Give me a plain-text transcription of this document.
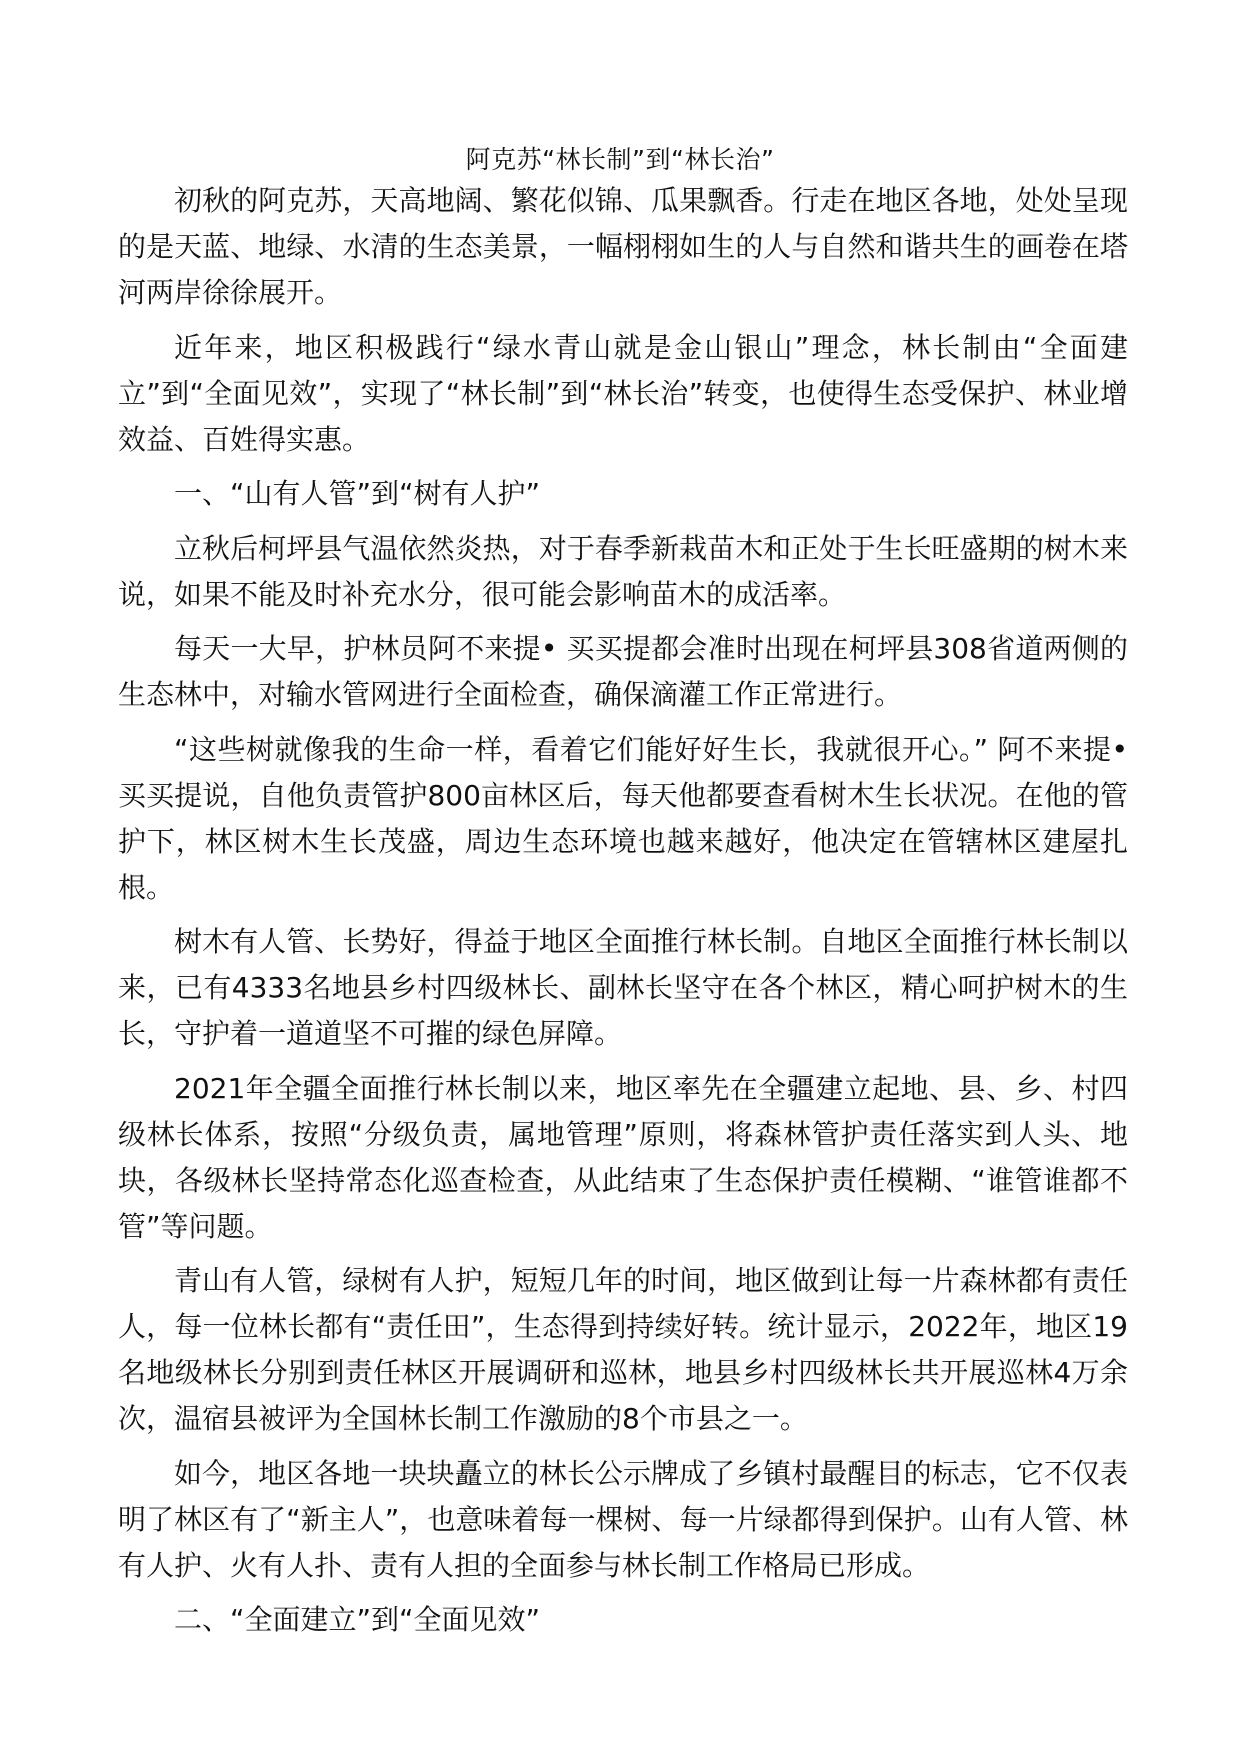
阿克苏“林长制”到“林长治”

初秋的阿克苏，天高地阔、繁花似锦、瓜果飘香。行走在地区各地，处处呈现的是天蓝、地绿、水清的生态美景，一幅栩栩如生的人与自然和谐共生的画卷在塔河两岸徐徐展开。

近年来，地区积极践行“绿水青山就是金山银山”理念，林长制由“全面建立”到“全面见效”，实现了“林长制”到“林长治”转变，也使得生态受保护、林业增效益、百姓得实惠。

一、“山有人管”到“树有人护”

立秋后柯坪县气温依然炎热，对于春季新栽苗木和正处于生长旺盛期的树木来说，如果不能及时补充水分，很可能会影响苗木的成活率。

每天一大早，护林员阿不来提• 买买提都会准时出现在柯坪县308省道两侧的生态林中，对输水管网进行全面检查，确保滴灌工作正常进行。

“这些树就像我的生命一样，看着它们能好好生长，我就很开心。” 阿不来提• 买买提说，自他负责管护800亩林区后，每天他都要查看树木生长状况。在他的管护下，林区树木生长茂盛，周边生态环境也越来越好，他决定在管辖林区建屋扎根。

树木有人管、长势好，得益于地区全面推行林长制。自地区全面推行林长制以来，已有4333名地县乡村四级林长、副林长坚守在各个林区，精心呵护树木的生长，守护着一道道坚不可摧的绿色屏障。

2021年全疆全面推行林长制以来，地区率先在全疆建立起地、县、乡、村四级林长体系，按照“分级负责，属地管理”原则，将森林管护责任落实到人头、地块，各级林长坚持常态化巡查检查，从此结束了生态保护责任模糊、“谁管谁都不管”等问题。

青山有人管，绿树有人护，短短几年的时间，地区做到让每一片森林都有责任人，每一位林长都有“责任田”，生态得到持续好转。统计显示，2022年，地区19名地级林长分别到责任林区开展调研和巡林，地县乡村四级林长共开展巡林4万余次，温宿县被评为全国林长制工作激励的8个市县之一。

如今，地区各地一块块矗立的林长公示牌成了乡镇村最醒目的标志，它不仅表明了林区有了“新主人”，也意味着每一棵树、每一片绿都得到保护。山有人管、林有人护、火有人扑、责有人担的全面参与林长制工作格局已形成。

二、“全面建立”到“全面见效”
